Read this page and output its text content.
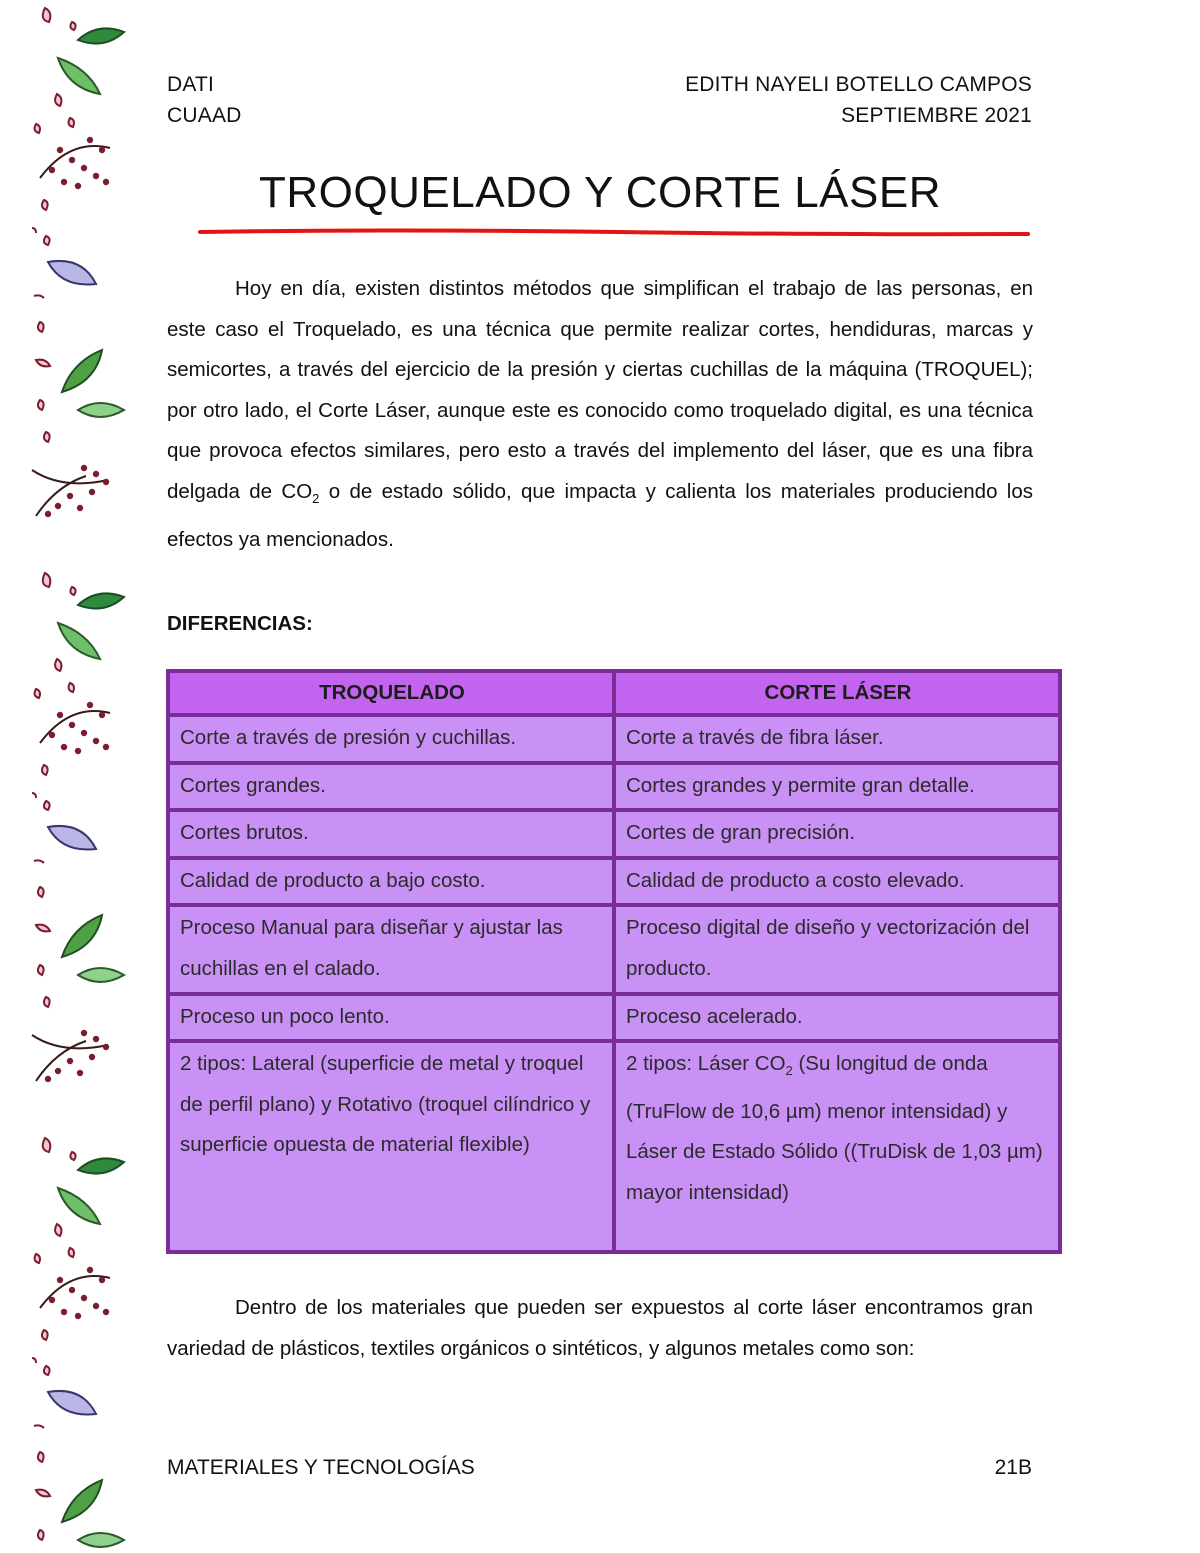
DATI
CUAAD
EDITH NAYELI BOTELLO CAMPOS
SEPTIEMBRE 2021
TROQUELADO Y CORTE LÁSER

Hoy en día, existen distintos métodos que simplifican el trabajo de las personas, en este caso el Troquelado, es una técnica que permite realizar cortes, hendiduras, marcas y semicortes, a través del ejercicio de la presión y ciertas cuchillas de la máquina (TROQUEL); por otro lado, el Corte Láser, aunque este es conocido como troquelado digital, es una técnica que provoca efectos similares, pero esto a través del implemento del láser, que es una fibra delgada de $CO_2$ o de estado sólido, que impacta y calienta los materiales produciendo los efectos ya mencionados.

DIFERENCIAS:

TROQUELADO	CORTE LÁSER
Corte a través de presión y cuchillas.	Corte a través de fibra láser.
Cortes grandes.	Cortes grandes y permite gran detalle.
Cortes brutos.	Cortes de gran precisión.
Calidad de producto a bajo costo.	Calidad de producto a costo elevado.
Proceso Manual para diseñar y ajustar las cuchillas en el calado.	Proceso digital de diseño y vectorización del producto.
Proceso un poco lento.	Proceso acelerado.
2 tipos: Lateral (superficie de metal y troquel de perfil plano) y Rotativo (troquel cilíndrico y superficie opuesta de material flexible)	2 tipos: Láser $CO_2$ (Su longitud de onda (TruFlow de 10,6 µm) menor intensidad) y Láser de Estado Sólido ((TruDisk de 1,03 µm) mayor intensidad)

Dentro de los materiales que pueden ser expuestos al corte láser encontramos gran variedad de plásticos, textiles orgánicos o sintéticos, y algunos metales como son:

MATERIALES Y TECNOLOGÍAS	21B
